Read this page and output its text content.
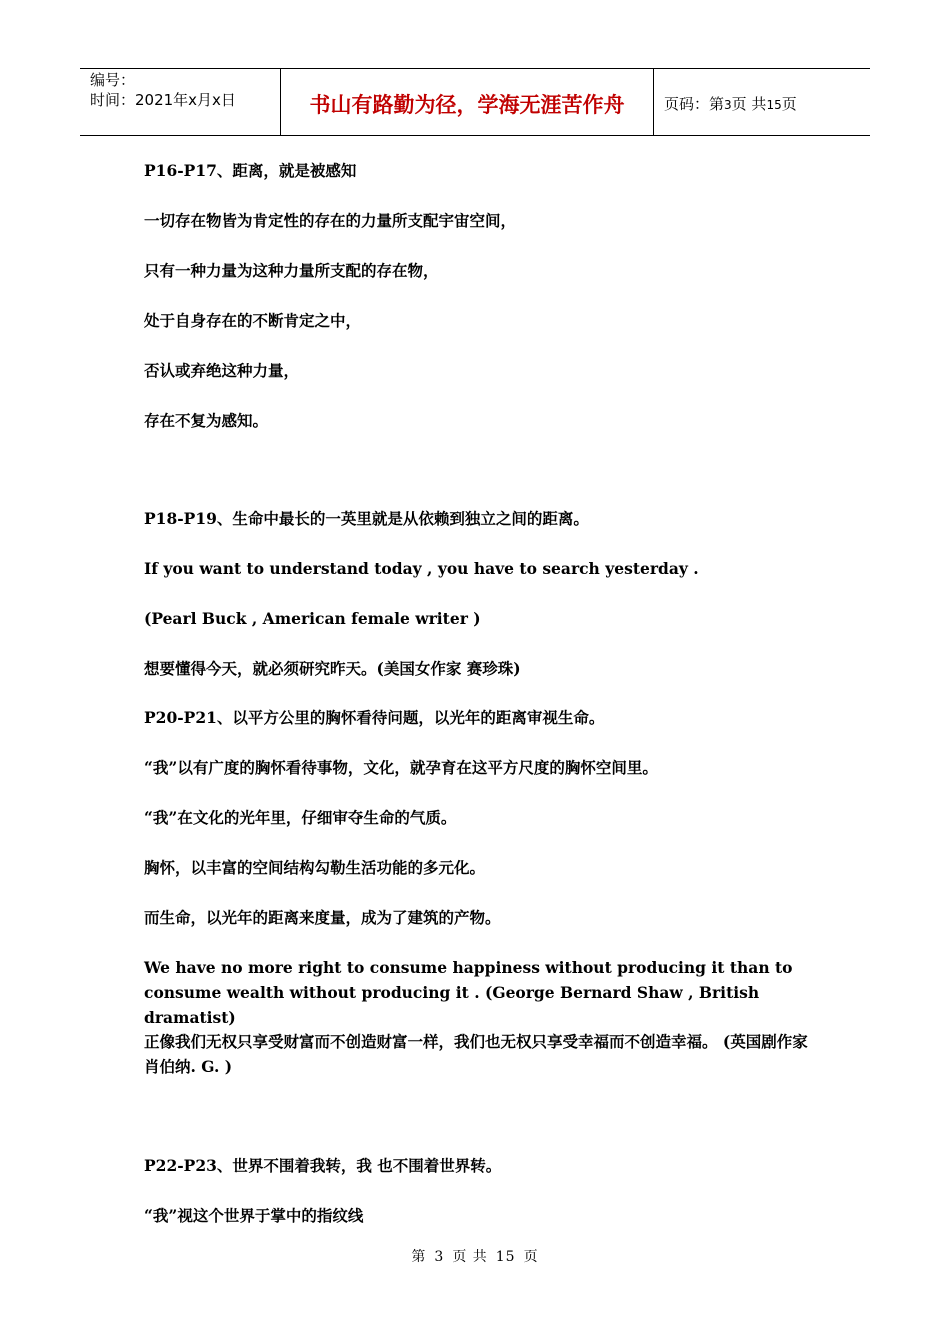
编号：
时间：2021年x月x日	书山有路勤为径，学海无涯苦作舟	页码：第3页 共15页
P16-P17、距离，就是被感知
一切存在物皆为肯定性的存在的力量所支配宇宙空间，
只有一种力量为这种力量所支配的存在物，
处于自身存在的不断肯定之中，
否认或弃绝这种力量，
存在不复为感知。
P18-P19、生命中最长的一英里就是从依赖到独立之间的距离。
If you want to understand today , you have to search yesterday .
(Pearl Buck , American female writer )
想要懂得今天，就必须研究昨天。(美国女作家 赛珍珠)
P20-P21、以平方公里的胸怀看待问题，以光年的距离审视生命。
“我”以有广度的胸怀看待事物，文化，就孕育在这平方尺度的胸怀空间里。
“我”在文化的光年里，仔细审夺生命的气质。
胸怀，以丰富的空间结构勾勒生活功能的多元化。
而生命，以光年的距离来度量，成为了建筑的产物。
We have no more right to consume happiness without producing it than to consume wealth without producing it . (George Bernard Shaw , British dramatist)
正像我们无权只享受财富而不创造财富一样，我们也无权只享受幸福而不创造幸福。 (英国剧作家 肖伯纳. G. )
P22-P23、世界不围着我转，我 也不围着世界转。
“我”视这个世界于掌中的指纹线
第 3 页 共 15 页
